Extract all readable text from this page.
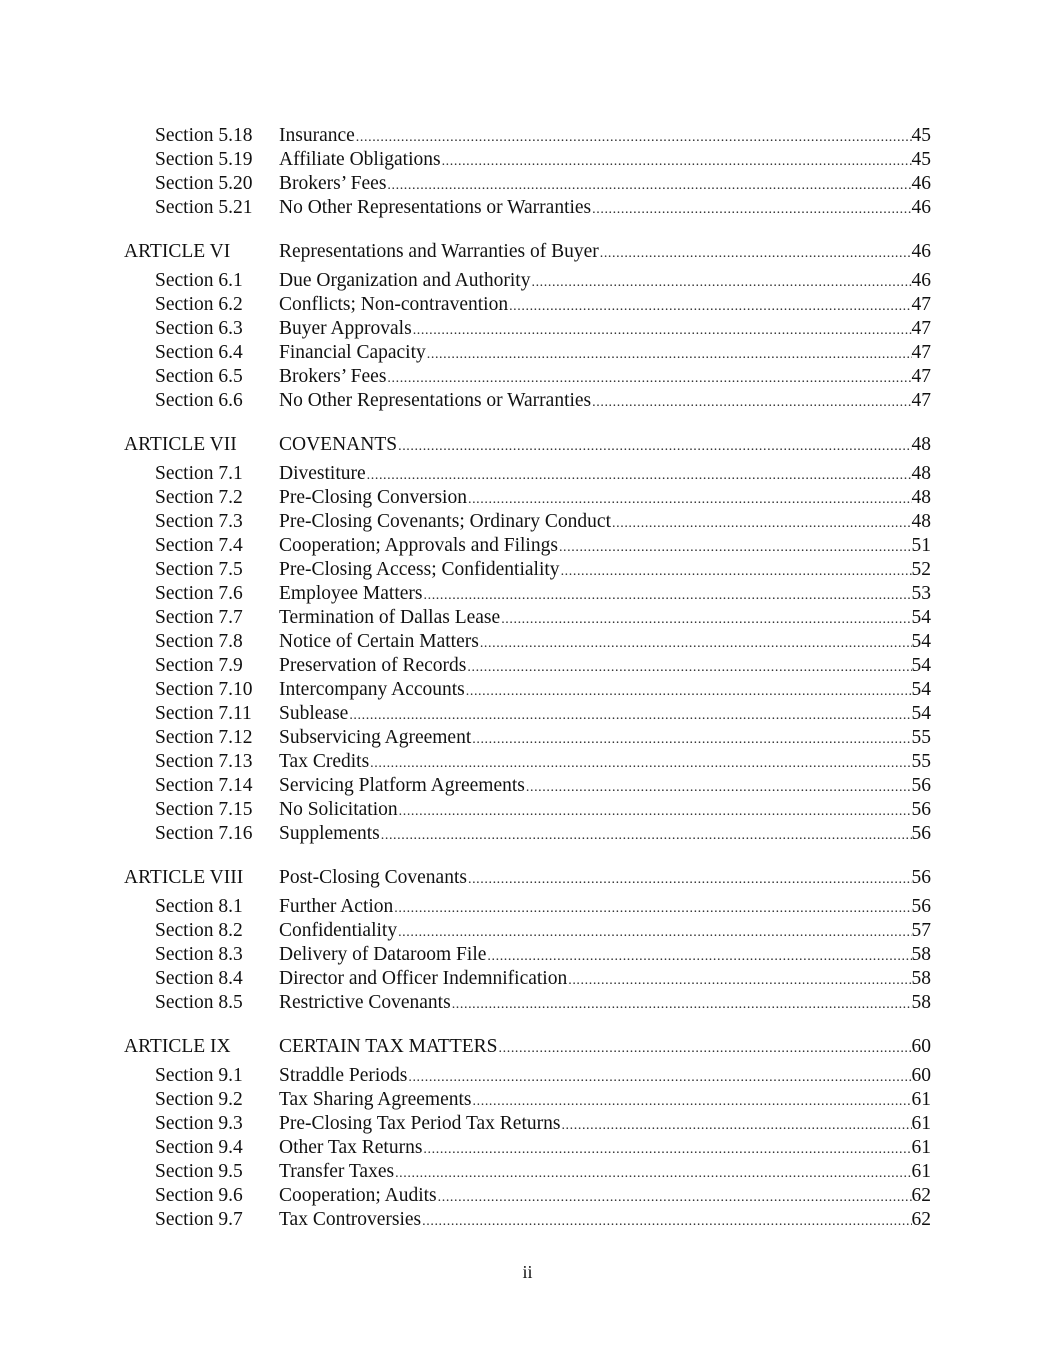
Section 5.18 Insurance .....	45
Section 5.19 Affiliate Obligations .....	45
Section 5.20 Brokers’ Fees .....	46
Section 5.21 No Other Representations or Warranties .....	46
ARTICLE VI Representations and Warranties of Buyer .....	46
Section 6.1 Due Organization and Authority .....	46
Section 6.2 Conflicts; Non-contravention .....	47
Section 6.3 Buyer Approvals .....	47
Section 6.4 Financial Capacity .....	47
Section 6.5 Brokers’ Fees .....	47
Section 6.6 No Other Representations or Warranties .....	47
ARTICLE VII COVENANTS .....	48
Section 7.1 Divestiture .....	48
Section 7.2 Pre-Closing Conversion .....	48
Section 7.3 Pre-Closing Covenants; Ordinary Conduct .....	48
Section 7.4 Cooperation; Approvals and Filings .....	51
Section 7.5 Pre-Closing Access; Confidentiality .....	52
Section 7.6 Employee Matters .....	53
Section 7.7 Termination of Dallas Lease .....	54
Section 7.8 Notice of Certain Matters .....	54
Section 7.9 Preservation of Records .....	54
Section 7.10 Intercompany Accounts .....	54
Section 7.11 Sublease .....	54
Section 7.12 Subservicing Agreement .....	55
Section 7.13 Tax Credits .....	55
Section 7.14 Servicing Platform Agreements .....	56
Section 7.15 No Solicitation .....	56
Section 7.16 Supplements .....	56
ARTICLE VIII Post-Closing Covenants .....	56
Section 8.1 Further Action .....	56
Section 8.2 Confidentiality .....	57
Section 8.3 Delivery of Dataroom File .....	58
Section 8.4 Director and Officer Indemnification .....	58
Section 8.5 Restrictive Covenants .....	58
ARTICLE IX CERTAIN TAX MATTERS .....	60
Section 9.1 Straddle Periods .....	60
Section 9.2 Tax Sharing Agreements .....	61
Section 9.3 Pre-Closing Tax Period Tax Returns .....	61
Section 9.4 Other Tax Returns .....	61
Section 9.5 Transfer Taxes .....	61
Section 9.6 Cooperation; Audits .....	62
Section 9.7 Tax Controversies .....	62
ii
